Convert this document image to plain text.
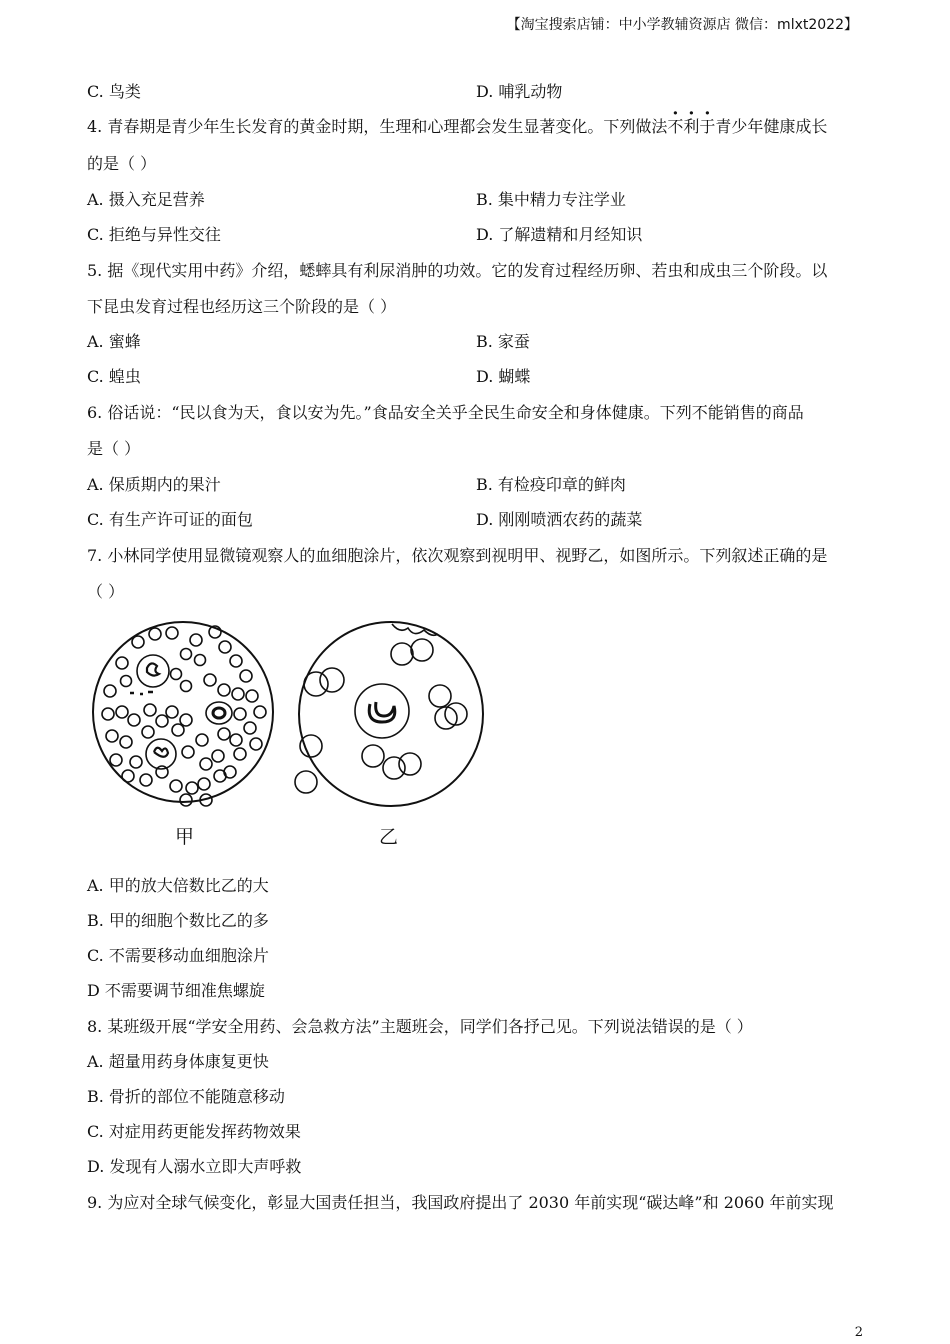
【淘宝搜索店铺：中小学教辅资源店 微信：mlxt2022】
C. 鸟类	D. 哺乳动物
4. 青春期是青少年生长发育的黄金时期，生理和心理都会发生显著变化。下列做法不利于青少年健康成长
的是（ ）
A. 摄入充足营养	B. 集中精力专注学业
C. 拒绝与异性交往	D. 了解遗精和月经知识
5. 据《现代实用中药》介绍，蟋蟀具有利尿消肿的功效。它的发育过程经历卵、若虫和成虫三个阶段。以
下昆虫发育过程也经历这三个阶段的是（ ）
A. 蜜蜂	B. 家蚕
C. 蝗虫	D. 蝴蝶
6. 俗话说：“民以食为天，食以安为先。”食品安全关乎全民生命安全和身体健康。下列不能销售的商品
是（ ）
A. 保质期内的果汁	B. 有检疫印章的鲜肉
C. 有生产许可证的面包	D. 刚刚喷洒农药的蔬菜
7. 小林同学使用显微镜观察人的血细胞涂片，依次观察到视明甲、视野乙，如图所示。下列叙述正确的是
（ ）
甲	乙
A. 甲的放大倍数比乙的大
B. 甲的细胞个数比乙的多
C. 不需要移动血细胞涂片
D 不需要调节细准焦螺旋
8. 某班级开展“学安全用药、会急救方法”主题班会，同学们各抒己见。下列说法错误的是（ ）
A. 超量用药身体康复更快
B. 骨折的部位不能随意移动
C. 对症用药更能发挥药物效果
D. 发现有人溺水立即大声呼救
9. 为应对全球气候变化，彰显大国责任担当，我国政府提出了 2030 年前实现“碳达峰”和 2060 年前实现
2
